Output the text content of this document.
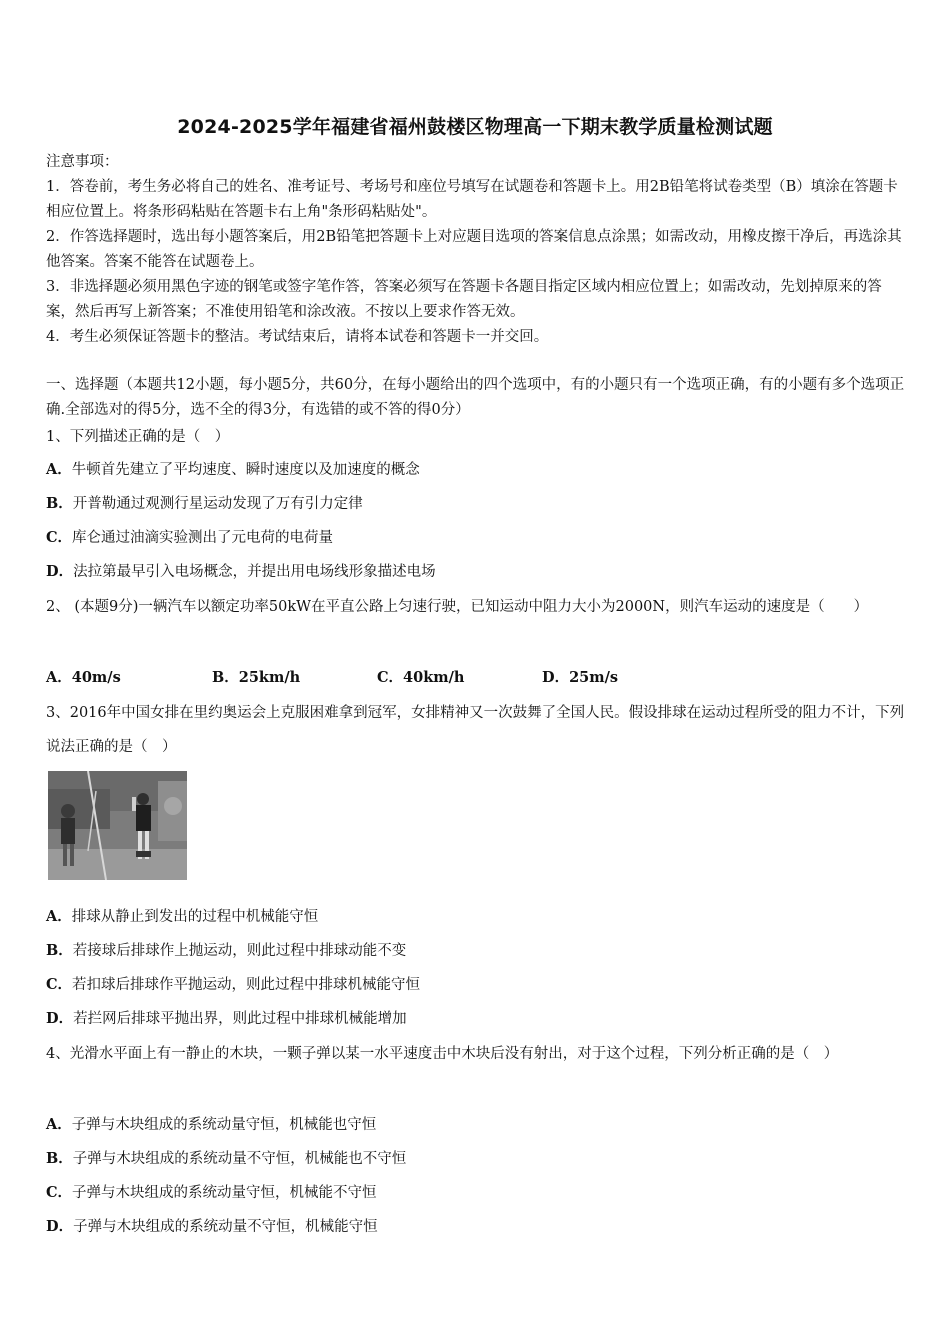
2024-2025学年福建省福州鼓楼区物理高一下期末教学质量检测试题
注意事项：

1．答卷前，考生务必将自己的姓名、准考证号、考场号和座位号填写在试题卷和答题卡上。用2B铅笔将试卷类型（B）填涂在答题卡相应位置上。将条形码粘贴在答题卡右上角"条形码粘贴处"。

2．作答选择题时，选出每小题答案后，用2B铅笔把答题卡上对应题目选项的答案信息点涂黑；如需改动，用橡皮擦干净后，再选涂其他答案。答案不能答在试题卷上。

3．非选择题必须用黑色字迹的钢笔或签字笔作答，答案必须写在答题卡各题目指定区域内相应位置上；如需改动，先划掉原来的答案，然后再写上新答案；不准使用铅笔和涂改液。不按以上要求作答无效。

4．考生必须保证答题卡的整洁。考试结束后，请将本试卷和答题卡一并交回。

一、选择题（本题共12小题，每小题5分，共60分，在每小题给出的四个选项中，有的小题只有一个选项正确，有的小题有多个选项正确.全部选对的得5分，选不全的得3分，有选错的或不答的得0分）
1、下列描述正确的是（　）
A．牛顿首先建立了平均速度、瞬时速度以及加速度的概念
B．开普勒通过观测行星运动发现了万有引力定律
C．库仑通过油滴实验测出了元电荷的电荷量
D．法拉第最早引入电场概念，并提出用电场线形象描述电场
2、 (本题9分)一辆汽车以额定功率50kW在平直公路上匀速行驶，已知运动中阻力大小为2000N，则汽车运动的速度是（　　）
A．40m/s	B．25km/h	C．40km/h	D．25m/s
3、2016年中国女排在里约奥运会上克服困难拿到冠军，女排精神又一次鼓舞了全国人民。假设排球在运动过程所受的阻力不计，下列说法正确的是（　）
A．排球从静止到发出的过程中机械能守恒
B．若接球后排球作上抛运动，则此过程中排球动能不变
C．若扣球后排球作平抛运动，则此过程中排球机械能守恒
D．若拦网后排球平抛出界，则此过程中排球机械能增加
4、光滑水平面上有一静止的木块，一颗子弹以某一水平速度击中木块后没有射出，对于这个过程，下列分析正确的是（　）
A．子弹与木块组成的系统动量守恒，机械能也守恒
B．子弹与木块组成的系统动量不守恒，机械能也不守恒
C．子弹与木块组成的系统动量守恒，机械能不守恒
D．子弹与木块组成的系统动量不守恒，机械能守恒
